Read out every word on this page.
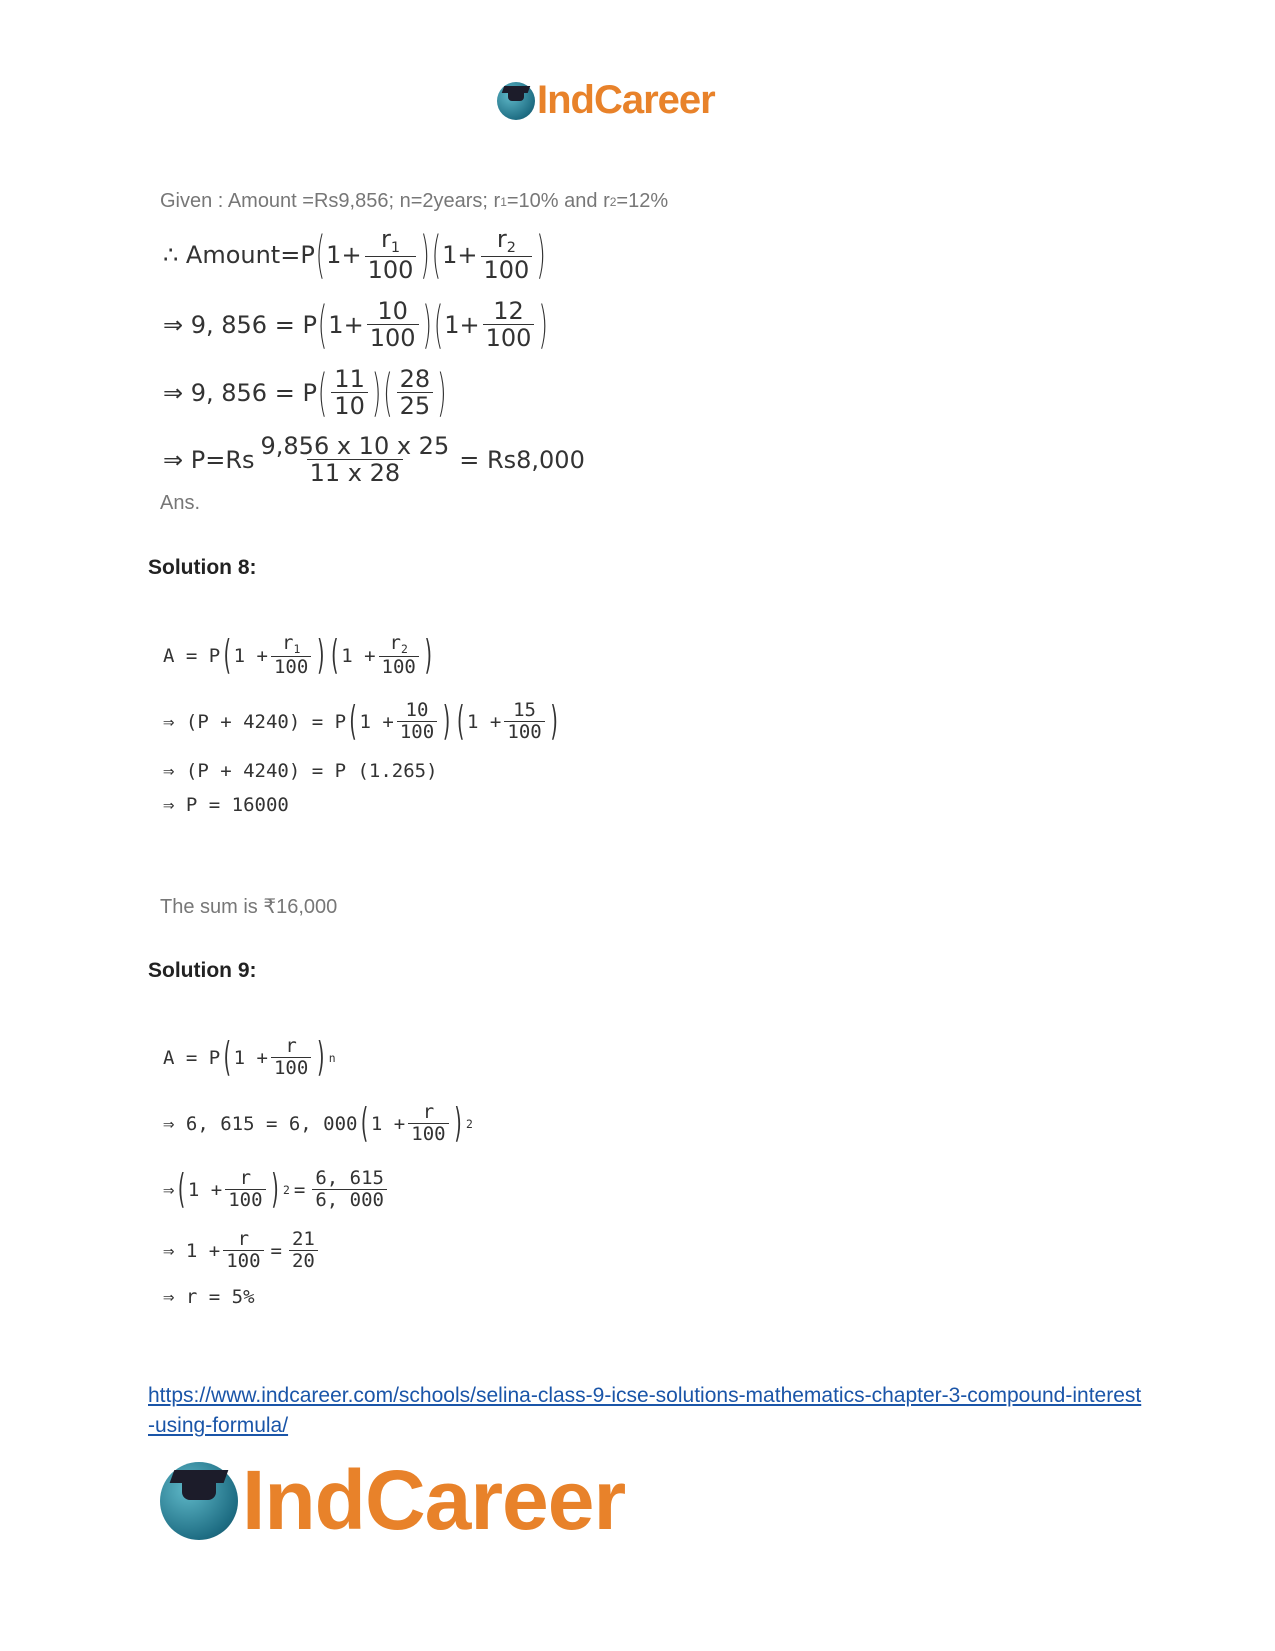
IndCareer
Given : Amount =Rs9,856; n=2years; r 1 =10% and r 2 =12%
∴ Amount=P ( $1+ \frac{r_1}{100}$ ) ( $1+ \frac{r_2}{100}$ )
⇒ 9, 856 = P ( $1+ \frac{10}{100}$ ) ( $1+ \frac{12}{100}$ )
⇒ 9, 856 = P ( $\frac{11}{10}$ ) ( $\frac{28}{25}$ )
⇒ $P=Rs \frac{9,856 x 10 x 25}{11 x 28} = Rs8,000$
Ans.
Solution 8:
A = P ( $1 + \frac{r_1}{100}$ ) ( $1 + \frac{r_2}{100}$ )
⇒ (P + 4240) = P ( $1 + \frac{10}{100}$ ) ( $1 + \frac{15}{100}$ )
⇒ (P + 4240) = P (1.265)
⇒ P = 16000
The sum is ₹16,000
Solution 9:
A = P ( $1 + \frac{r}{100}$ ) n
⇒ 6, 615 = 6, 000 ( $1 + \frac{r}{100}$ ) 2
⇒ ( $1 + \frac{r}{100}$ ) $2 = \frac{6, 615}{6, 000}$
⇒ $1 + \frac{r}{100} = \frac{21}{20}$
⇒ r = 5%
https://www.indcareer.com/schools/selina-class-9-icse-solutions-mathematics-chapter-3-compound-interest-using-formula/
IndCareer
